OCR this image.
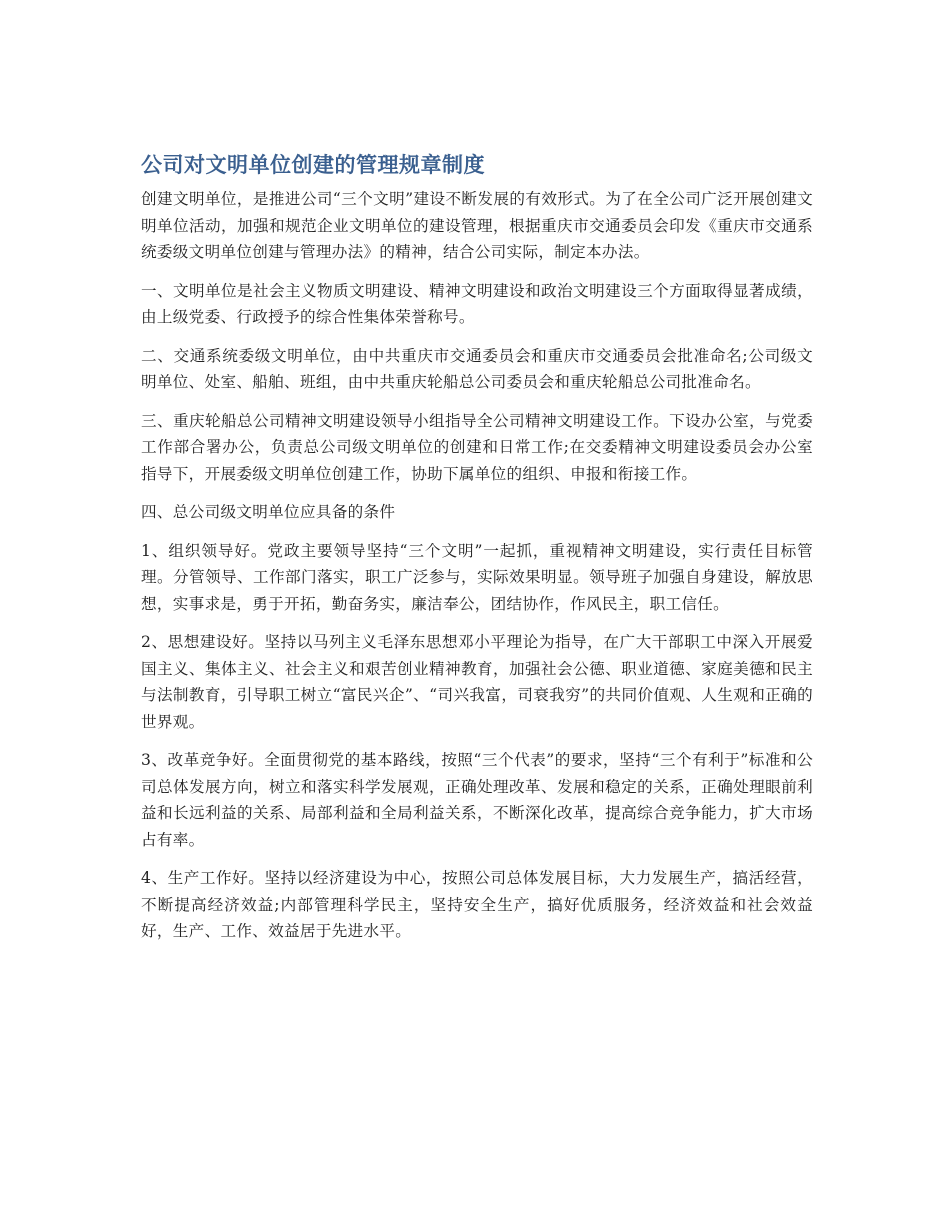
公司对文明单位创建的管理规章制度

创建文明单位，是推进公司“三个文明”建设不断发展的有效形式。为了在全公司广泛开展创建文明单位活动，加强和规范企业文明单位的建设管理，根据重庆市交通委员会印发《重庆市交通系统委级文明单位创建与管理办法》的精神，结合公司实际，制定本办法。

一、文明单位是社会主义物质文明建设、精神文明建设和政治文明建设三个方面取得显著成绩，由上级党委、行政授予的综合性集体荣誉称号。

二、交通系统委级文明单位，由中共重庆市交通委员会和重庆市交通委员会批准命名;公司级文明单位、处室、船舶、班组，由中共重庆轮船总公司委员会和重庆轮船总公司批准命名。

三、重庆轮船总公司精神文明建设领导小组指导全公司精神文明建设工作。下设办公室，与党委工作部合署办公，负责总公司级文明单位的创建和日常工作;在交委精神文明建设委员会办公室指导下，开展委级文明单位创建工作，协助下属单位的组织、申报和衔接工作。

四、总公司级文明单位应具备的条件

1、组织领导好。党政主要领导坚持“三个文明”一起抓，重视精神文明建设，实行责任目标管理。分管领导、工作部门落实，职工广泛参与，实际效果明显。领导班子加强自身建设，解放思想，实事求是，勇于开拓，勤奋务实，廉洁奉公，团结协作，作风民主，职工信任。

2、思想建设好。坚持以马列主义毛泽东思想邓小平理论为指导，在广大干部职工中深入开展爱国主义、集体主义、社会主义和艰苦创业精神教育，加强社会公德、职业道德、家庭美德和民主与法制教育，引导职工树立“富民兴企”、“司兴我富，司衰我穷”的共同价值观、人生观和正确的世界观。

3、改革竞争好。全面贯彻党的基本路线，按照“三个代表”的要求，坚持“三个有利于”标准和公司总体发展方向，树立和落实科学发展观，正确处理改革、发展和稳定的关系，正确处理眼前利益和长远利益的关系、局部利益和全局利益关系，不断深化改革，提高综合竞争能力，扩大市场占有率。

4、生产工作好。坚持以经济建设为中心，按照公司总体发展目标，大力发展生产，搞活经营，不断提高经济效益;内部管理科学民主，坚持安全生产，搞好优质服务，经济效益和社会效益好，生产、工作、效益居于先进水平。
